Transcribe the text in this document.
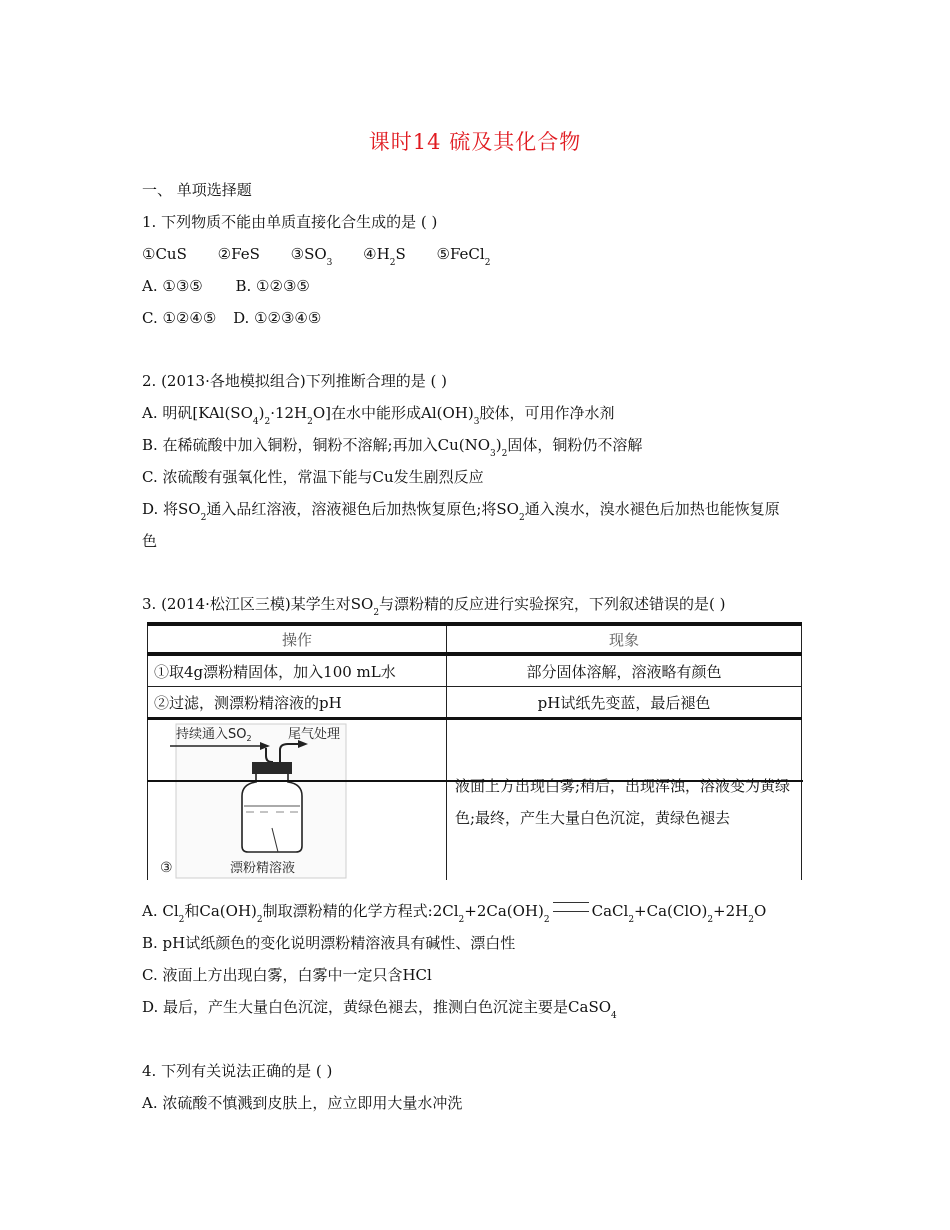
课时14 硫及其化合物
一、 单项选择题
1. 下列物质不能由单质直接化合生成的是 ( )
①CuS ②FeS $③SO_3$ $④H_2S$ ⑤FeCl$_2$
A. ①③⑤ B. ①②③⑤
C. ①②④⑤ D. ①②③④⑤
2. (2013·各地模拟组合)下列推断合理的是 ( )
A. 明矾$[KAl(SO_4)_2\cdot 12H_2O]$在水中能形成$Al(OH)_3$胶体，可用作净水剂
B. 在稀硫酸中加入铜粉，铜粉不溶解;再加入$Cu(NO_3)_2$固体，铜粉仍不溶解
C. 浓硫酸有强氧化性，常温下能与Cu发生剧烈反应
D. 将$SO_2$通入品红溶液，溶液褪色后加热恢复原色;将$SO_2$通入溴水，溴水褪色后加热也能恢复原
色
3. (2014·松江区三模)某学生对$SO_2$与漂粉精的反应进行实验探究，下列叙述错误的是( )
操作	现象
①取4g漂粉精固体，加入100 mL水	部分固体溶解，溶液略有颜色
②过滤，测漂粉精溶液的pH	pH试纸先变蓝，最后褪色

持续通入$SO_2$ 尾气处理
漂粉精溶液
③	液面上方出现白雾;稍后，出现浑浊，溶液变为黄绿色;最终，产生大量白色沉淀，黄绿色褪去
A. $Cl_2$和$Ca(OH)_2$制取漂粉精的化学方程式$:2Cl_2+2Ca(OH)_2$	$CaCl_2+Ca(ClO)_2+2H_2O$
B. pH试纸颜色的变化说明漂粉精溶液具有碱性、漂白性
C. 液面上方出现白雾，白雾中一定只含HCl
D. 最后，产生大量白色沉淀，黄绿色褪去，推测白色沉淀主要是CaSO$_4$
4. 下列有关说法正确的是 ( )
A. 浓硫酸不慎溅到皮肤上，应立即用大量水冲洗
